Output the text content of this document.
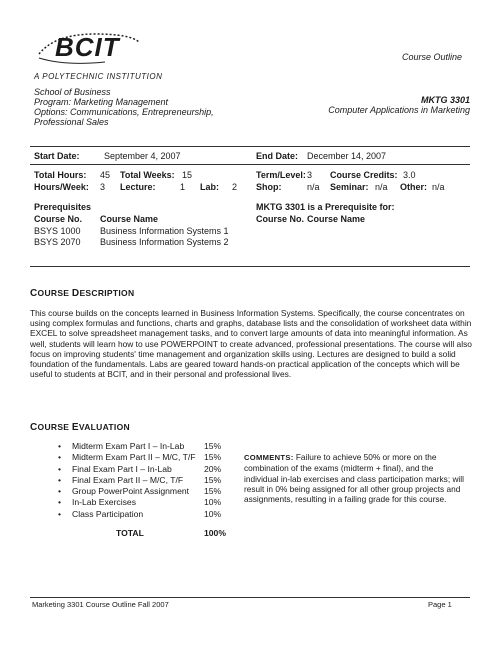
BCIT
A POLYTECHNIC INSTITUTION
Course Outline
School of Business
Program: Marketing Management
Options: Communications, Entrepreneurship, Professional Sales
MKTG 3301
Computer Applications in Marketing
Start Date:	September 4, 2007	End Date: December 14, 2007
Total Hours: 45 Total Weeks: 15	Term/Level: 3 Course Credits: 3.0
Hours/Week: 3 Lecture:	1 Lab: 2 Shop:	n/a Seminar: n/a Other: n/a
Prerequisites
Course No. Course Name
BSYS 1000 Business Information Systems 1
BSYS 2070 Business Information Systems 2
MKTG 3301 is a Prerequisite for:
Course No. Course Name
COURSE DESCRIPTION
This course builds on the concepts learned in Business Information Systems. Specifically, the course concentrates on using complex formulas and functions, charts and graphs, database lists and the consolidation of worksheet data within EXCEL to solve spreadsheet management tasks, and to convert large amounts of data into meaningful information. As well, students will learn how to use POWERPOINT to create advanced, professional presentations. The course will also focus on improving students' time management and organization skills using. Lectures are designed to build a solid foundation of the fundamentals. Labs are geared toward hands-on practical application of the concepts which will be useful to students at BCIT, and in their personal and professional lives.
COURSE EVALUATION
• Midterm Exam Part I – In-Lab 15%
• Midterm Exam Part II – M/C, T/F 15%
• Final Exam Part I – In-Lab	20%
• Final Exam Part II – M/C, T/F 15%
• Group PowerPoint Assignment 15%
• In-Lab Exercises	10%
• Class Participation	10%
TOTAL	100%
COMMENTS: Failure to achieve 50% or more on the combination of the exams (midterm + final), and the individual in-lab exercises and class participation marks; will result in 0% being assigned for all other group projects and assignments, resulting in a failing grade for this course.
Marketing 3301 Course Outline Fall 2007	Page 1
